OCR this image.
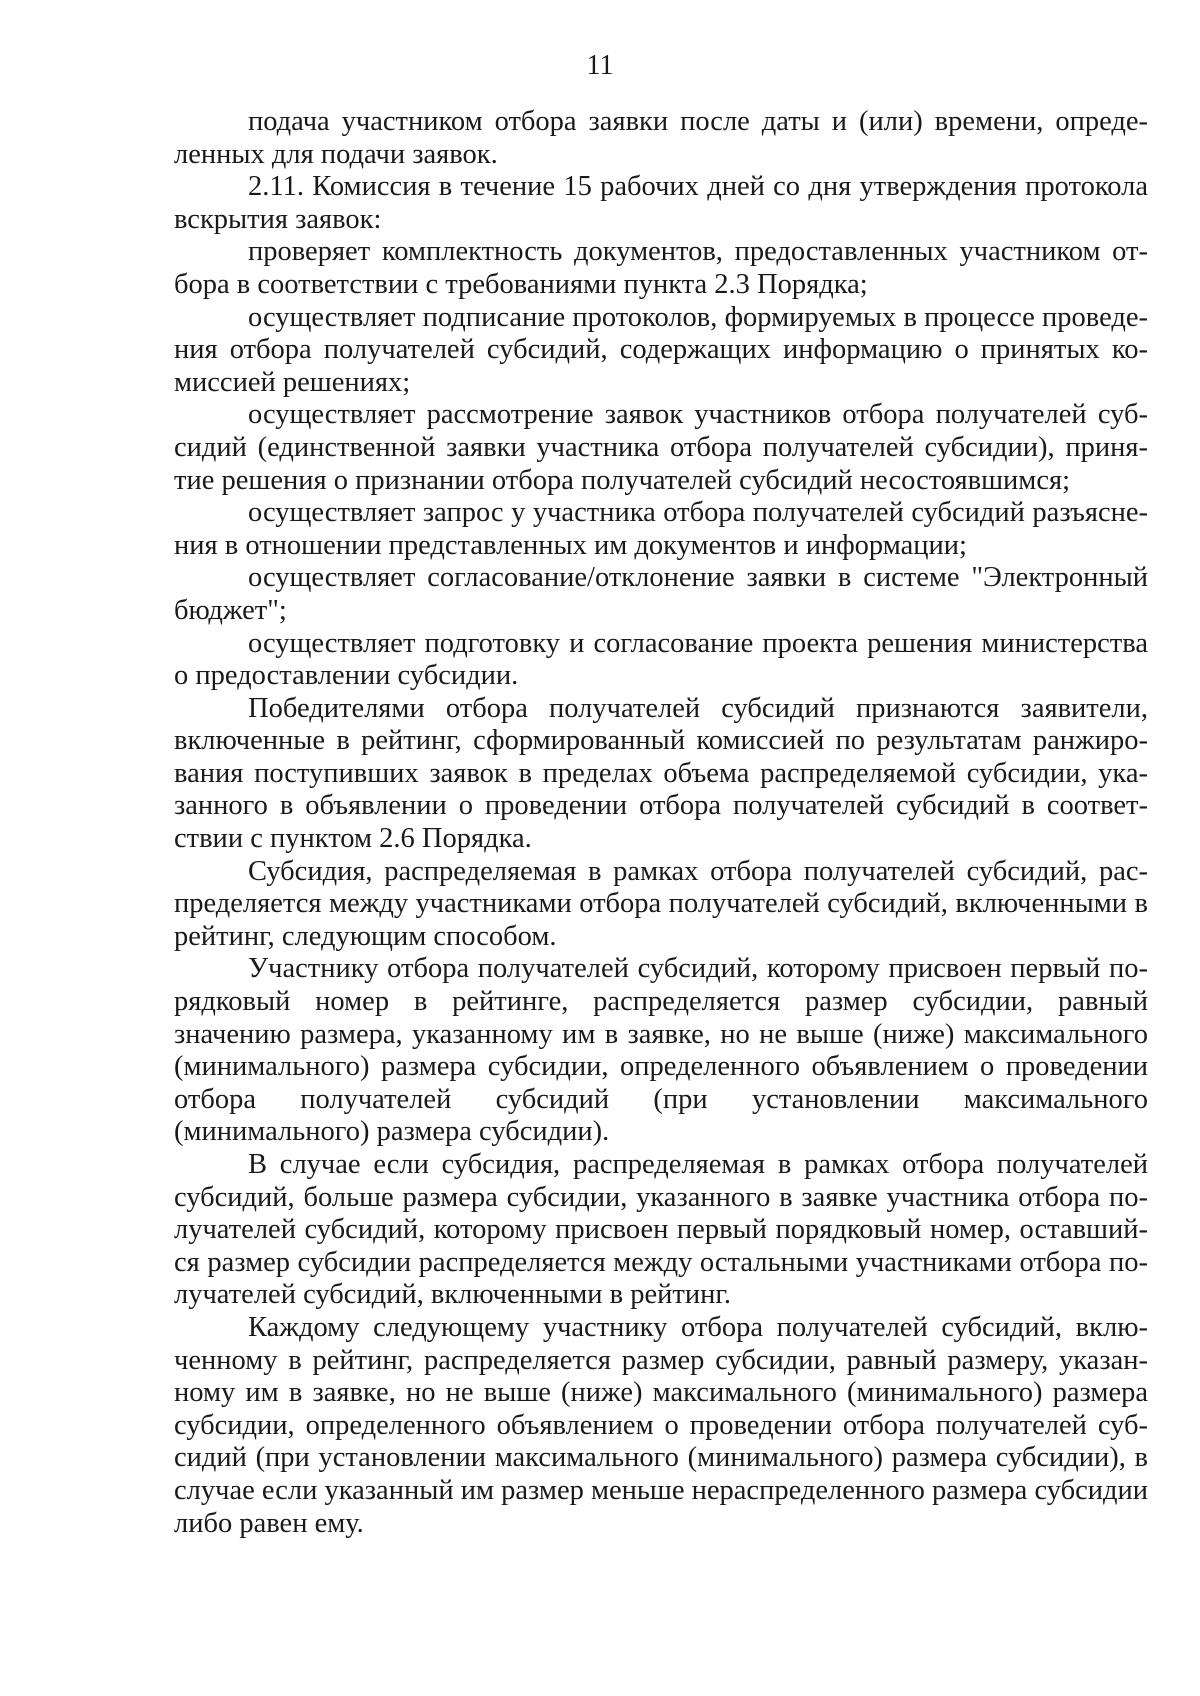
11

подача участником отбора заявки после даты и (или) времени, определенных для подачи заявок.

2.11. Комиссия в течение 15 рабочих дней со дня утверждения протокола вскрытия заявок:

проверяет комплектность документов, предоставленных участником отбора в соответствии с требованиями пункта 2.3 Порядка;

осуществляет подписание протоколов, формируемых в процессе проведения отбора получателей субсидий, содержащих информацию о принятых комиссией решениях;

осуществляет рассмотрение заявок участников отбора получателей субсидий (единственной заявки участника отбора получателей субсидии), принятие решения о признании отбора получателей субсидий несостоявшимся;

осуществляет запрос у участника отбора получателей субсидий разъяснения в отношении представленных им документов и информации;

осуществляет согласование/отклонение заявки в системе "Электронный бюджет";

осуществляет подготовку и согласование проекта решения министерства о предоставлении субсидии.

Победителями отбора получателей субсидий признаются заявители, включенные в рейтинг, сформированный комиссией по результатам ранжирования поступивших заявок в пределах объема распределяемой субсидии, указанного в объявлении о проведении отбора получателей субсидий в соответствии с пунктом 2.6 Порядка.

Субсидия, распределяемая в рамках отбора получателей субсидий, распределяется между участниками отбора получателей субсидий, включенными в рейтинг, следующим способом.

Участнику отбора получателей субсидий, которому присвоен первый порядковый номер в рейтинге, распределяется размер субсидии, равный значению размера, указанному им в заявке, но не выше (ниже) максимального (минимального) размера субсидии, определенного объявлением о проведении отбора получателей субсидий (при установлении максимального (минимального) размера субсидии).

В случае если субсидия, распределяемая в рамках отбора получателей субсидий, больше размера субсидии, указанного в заявке участника отбора получателей субсидий, которому присвоен первый порядковый номер, оставшийся размер субсидии распределяется между остальными участниками отбора получателей субсидий, включенными в рейтинг.

Каждому следующему участнику отбора получателей субсидий, включенному в рейтинг, распределяется размер субсидии, равный размеру, указанному им в заявке, но не выше (ниже) максимального (минимального) размера субсидии, определенного объявлением о проведении отбора получателей субсидий (при установлении максимального (минимального) размера субсидии), в случае если указанный им размер меньше нераспределенного размера субсидии либо равен ему.
